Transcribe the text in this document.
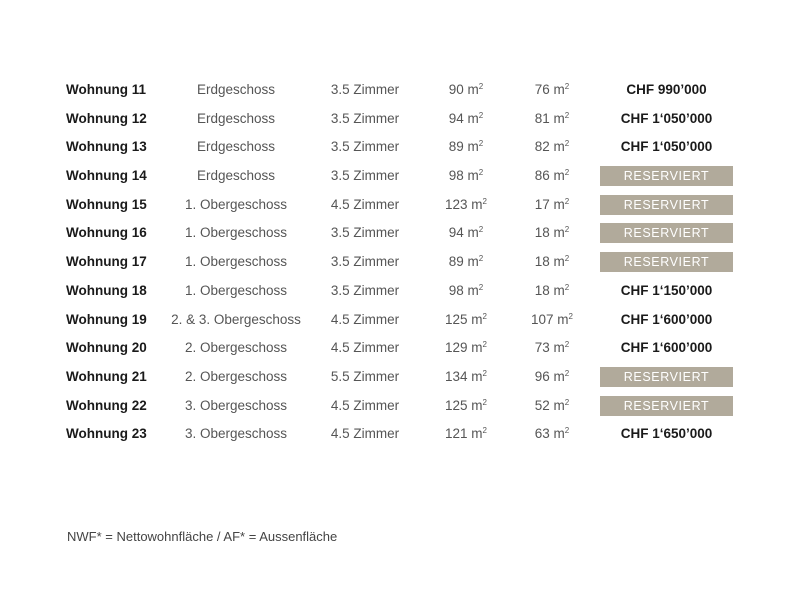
Wohnung 11	Erdgeschoss	3.5 Zimmer	90 $m^2$	76 $m^2$	CHF 990’000
Wohnung 12	Erdgeschoss	3.5 Zimmer	94 $m^2$	81 $m^2$	CHF 1‘050’000
Wohnung 13	Erdgeschoss	3.5 Zimmer	89 $m^2$	82 $m^2$	CHF 1‘050’000
Wohnung 14	Erdgeschoss	3.5 Zimmer	98 $m^2$	86 $m^2$	RESERVIERT
Wohnung 15	1. Obergeschoss	4.5 Zimmer	123 $m^2$	17 $m^2$	RESERVIERT
Wohnung 16	1. Obergeschoss	3.5 Zimmer	94 $m^2$	18 $m^2$	RESERVIERT
Wohnung 17	1. Obergeschoss	3.5 Zimmer	89 $m^2$	18 $m^2$	RESERVIERT
Wohnung 18	1. Obergeschoss	3.5 Zimmer	98 $m^2$	18 $m^2$	CHF 1‘150’000
Wohnung 19	2. & 3. Obergeschoss	4.5 Zimmer	125 $m^2$	107 $m^2$	CHF 1‘600’000
Wohnung 20	2. Obergeschoss	4.5 Zimmer	129 $m^2$	73 $m^2$	CHF 1‘600’000
Wohnung 21	2. Obergeschoss	5.5 Zimmer	134 $m^2$	96 $m^2$	RESERVIERT
Wohnung 22	3. Obergeschoss	4.5 Zimmer	125 $m^2$	52 $m^2$	RESERVIERT
Wohnung 23	3. Obergeschoss	4.5 Zimmer	121 $m^2$	63 $m^2$	CHF 1‘650’000
NWF* = Nettowohnfläche / AF* = Aussenfläche
